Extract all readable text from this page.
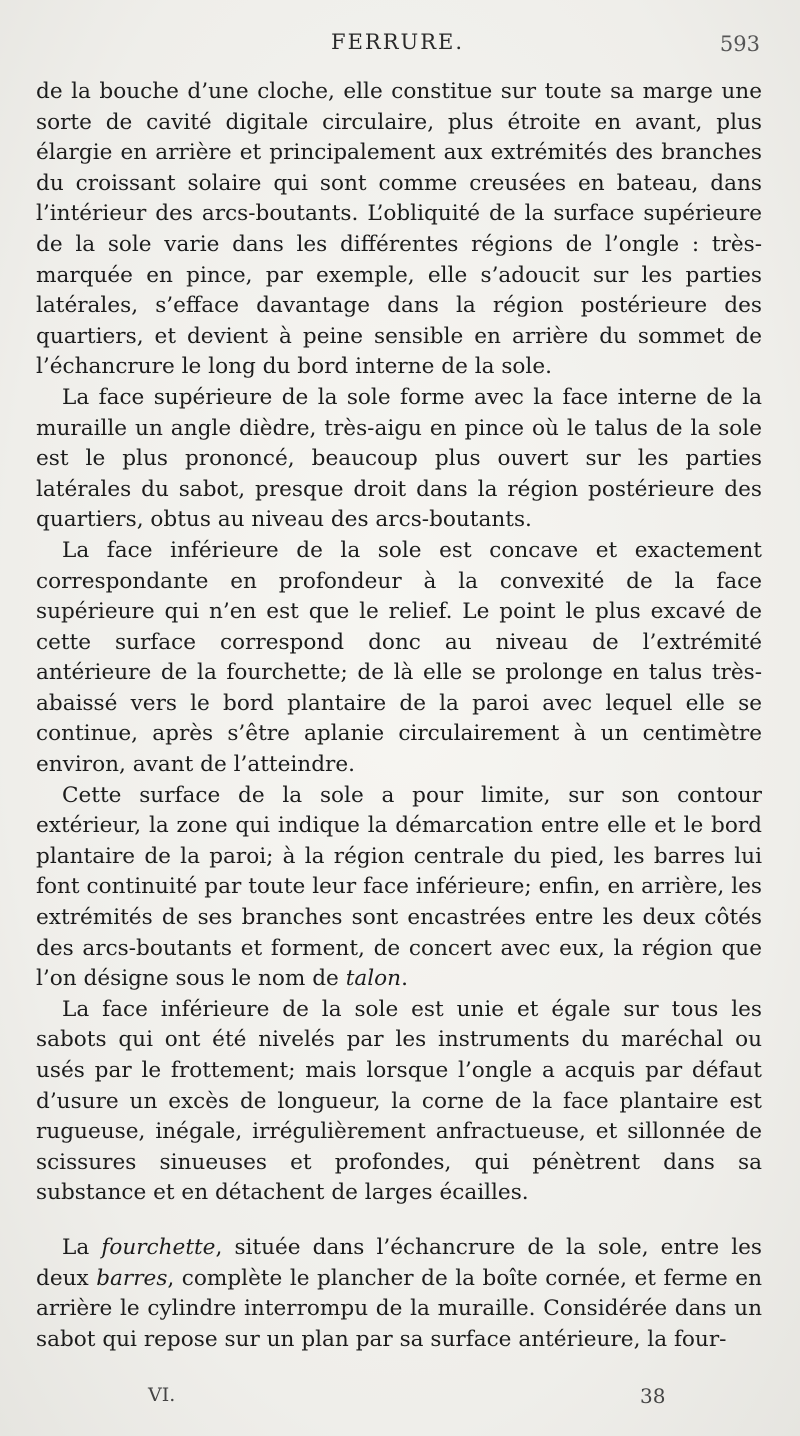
FERRURE.	593

de la bouche d’une cloche, elle constitue sur toute sa marge une sorte de cavité digitale circulaire, plus étroite en avant, plus élargie en arrière et principalement aux extrémités des branches du croissant solaire qui sont comme creusées en bateau, dans l’intérieur des arcs-boutants. L’obliquité de la surface supérieure de la sole varie dans les différentes régions de l’ongle : très-marquée en pince, par exemple, elle s’adoucit sur les parties latérales, s’efface davantage dans la région postérieure des quartiers, et devient à peine sensible en arrière du sommet de l’échancrure le long du bord interne de la sole.

La face supérieure de la sole forme avec la face interne de la muraille un angle dièdre, très-aigu en pince où le talus de la sole est le plus prononcé, beaucoup plus ouvert sur les parties latérales du sabot, presque droit dans la région postérieure des quartiers, obtus au niveau des arcs-boutants.

La face inférieure de la sole est concave et exactement correspondante en profondeur à la convexité de la face supérieure qui n’en est que le relief. Le point le plus excavé de cette surface correspond donc au niveau de l’extrémité antérieure de la fourchette; de là elle se prolonge en talus très-abaissé vers le bord plantaire de la paroi avec lequel elle se continue, après s’être aplanie circulairement à un centimètre environ, avant de l’atteindre.

Cette surface de la sole a pour limite, sur son contour extérieur, la zone qui indique la démarcation entre elle et le bord plantaire de la paroi; à la région centrale du pied, les barres lui font continuité par toute leur face inférieure; enfin, en arrière, les extrémités de ses branches sont encastrées entre les deux côtés des arcs-boutants et forment, de concert avec eux, la région que l’on désigne sous le nom de talon.

La face inférieure de la sole est unie et égale sur tous les sabots qui ont été nivelés par les instruments du maréchal ou usés par le frottement; mais lorsque l’ongle a acquis par défaut d’usure un excès de longueur, la corne de la face plantaire est rugueuse, inégale, irrégulièrement anfractueuse, et sillonnée de scissures sinueuses et profondes, qui pénètrent dans sa substance et en détachent de larges écailles.

La fourchette, située dans l’échancrure de la sole, entre les deux barres, complète le plancher de la boîte cornée, et ferme en arrière le cylindre interrompu de la muraille. Considérée dans un sabot qui repose sur un plan par sa surface antérieure, la four-

VI.	38
